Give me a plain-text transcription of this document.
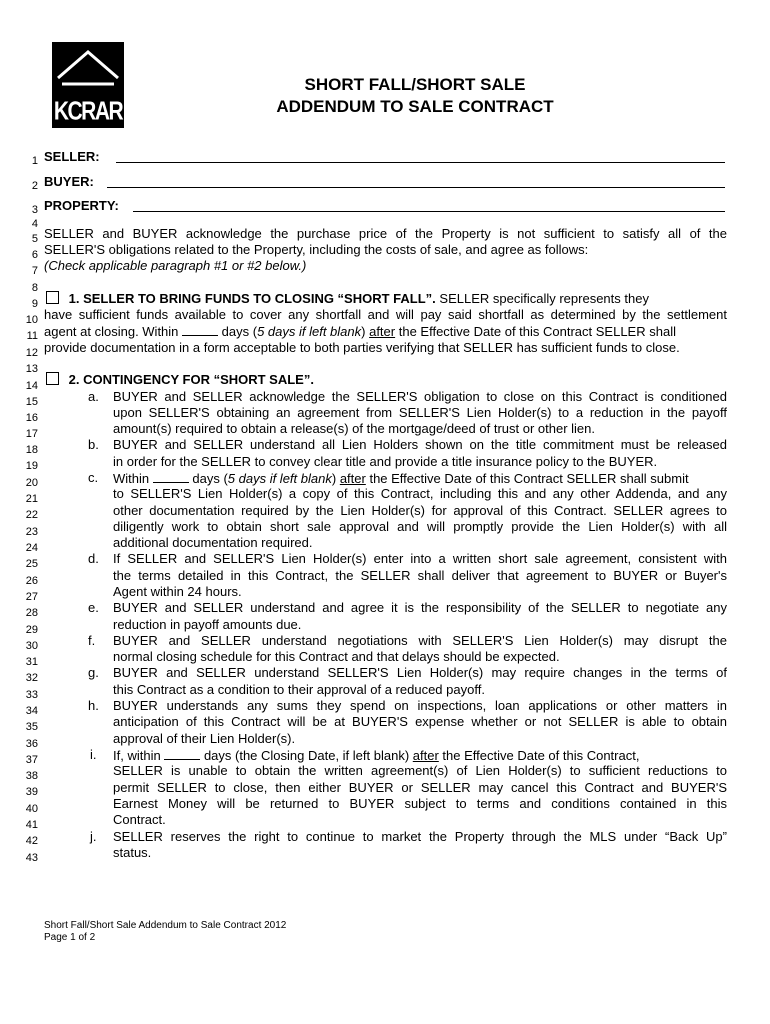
KCRAR
SHORT FALL/SHORT SALE
ADDENDUM TO SALE CONTRACT
1
2
3
4
5
6
7
8
9
10
11
12
13
14
15
16
17
18
19
20
21
22
23
24
25
26
27
28
29
30
31
32
33
34
35
36
37
38
39
40
41
42
43
SELLER:
BUYER:
PROPERTY:
SELLER and BUYER acknowledge the purchase price of the Property is not sufficient to satisfy all of the
SELLER'S obligations related to the Property, including the costs of sale, and agree as follows:
(Check applicable paragraph #1 or #2 below.)
1. SELLER TO BRING FUNDS TO CLOSING “SHORT FALL”. SELLER specifically represents they
have sufficient funds available to cover any shortfall and will pay said shortfall as determined by the settlement
agent at closing. Within	days (5 days if left blank) after the Effective Date of this Contract SELLER shall
provide documentation in a form acceptable to both parties verifying that SELLER has sufficient funds to close.
2. CONTINGENCY FOR “SHORT SALE”.
a. BUYER and SELLER acknowledge the SELLER'S obligation to close on this Contract is conditioned
upon SELLER'S obtaining an agreement from SELLER'S Lien Holder(s) to a reduction in the payoff
amount(s) required to obtain a release(s) of the mortgage/deed of trust or other lien.
b. BUYER and SELLER understand all Lien Holders shown on the title commitment must be released
in order for the SELLER to convey clear title and provide a title insurance policy to the BUYER.
c. Within	days (5 days if left blank) after the Effective Date of this Contract SELLER shall submit
to SELLER'S Lien Holder(s) a copy of this Contract, including this and any other Addenda, and any
other documentation required by the Lien Holder(s) for approval of this Contract. SELLER agrees to
diligently work to obtain short sale approval and will promptly provide the Lien Holder(s) with all
additional documentation required.
d. If SELLER and SELLER'S Lien Holder(s) enter into a written short sale agreement, consistent with
the terms detailed in this Contract, the SELLER shall deliver that agreement to BUYER or Buyer's
Agent within 24 hours.
e. BUYER and SELLER understand and agree it is the responsibility of the SELLER to negotiate any
reduction in payoff amounts due.
f. BUYER and SELLER understand negotiations with SELLER'S Lien Holder(s) may disrupt the
normal closing schedule for this Contract and that delays should be expected.
g. BUYER and SELLER understand SELLER'S Lien Holder(s) may require changes in the terms of
this Contract as a condition to their approval of a reduced payoff.
h. BUYER understands any sums they spend on inspections, loan applications or other matters in
anticipation of this Contract will be at BUYER'S expense whether or not SELLER is able to obtain
approval of their Lien Holder(s).
i. If, within	days (the Closing Date, if left blank) after the Effective Date of this Contract,
SELLER is unable to obtain the written agreement(s) of Lien Holder(s) to sufficient reductions to
permit SELLER to close, then either BUYER or SELLER may cancel this Contract and BUYER'S
Earnest Money will be returned to BUYER subject to terms and conditions contained in this
Contract.
j. SELLER reserves the right to continue to market the Property through the MLS under “Back Up”
status.
Short Fall/Short Sale Addendum to Sale Contract 2012
Page 1 of 2
